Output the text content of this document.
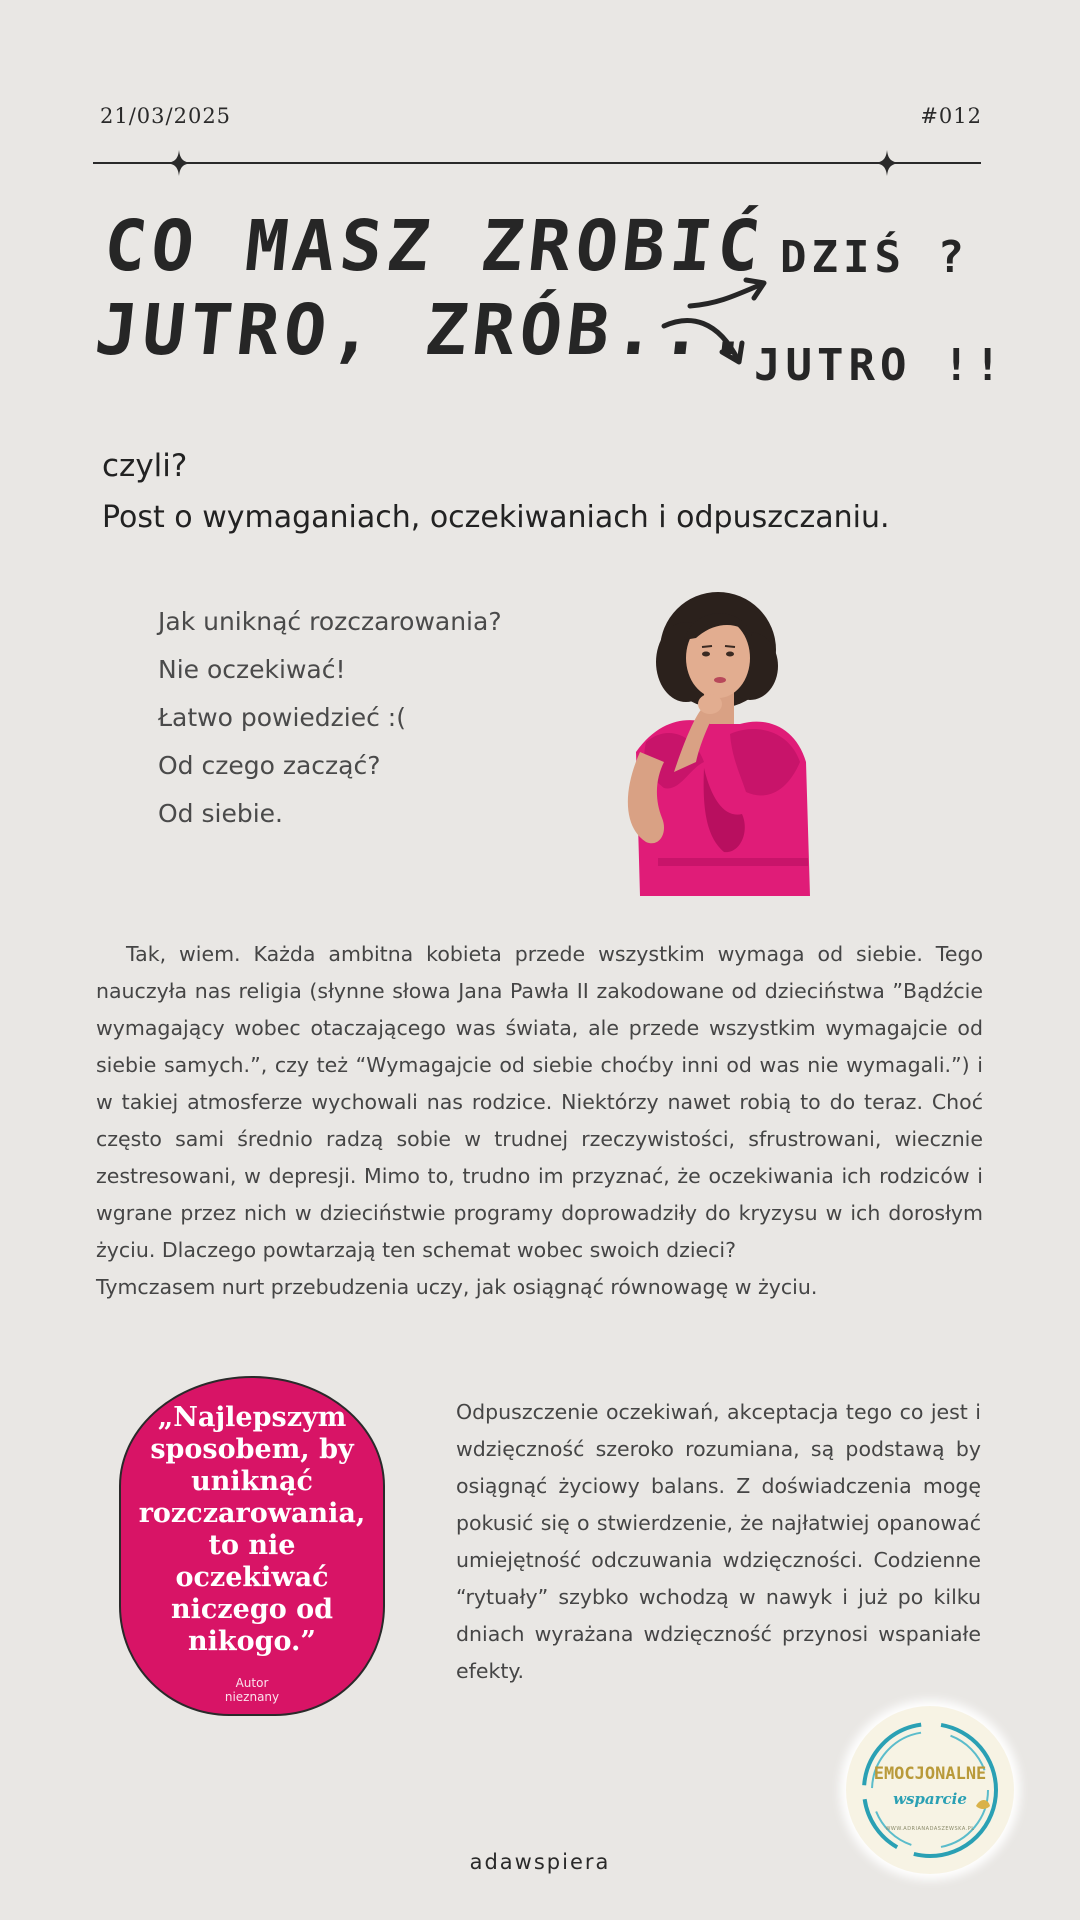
21/03/2025	#012
CO MASZ ZROBIĆ
JUTRO, ZRÓB...
DZIŚ ?
JUTRO !!
czyli?
Post o wymaganiach, oczekiwaniach i odpuszczaniu.
Jak uniknąć rozczarowania?
Nie oczekiwać!
Łatwo powiedzieć :(
Od czego zacząć?
Od siebie.

Tak, wiem. Każda ambitna kobieta przede wszystkim wymaga od siebie. Tego nauczyła nas religia (słynne słowa Jana Pawła II zakodowane od dzieciństwa ”Bądźcie wymagający wobec otaczającego was świata, ale przede wszystkim wymagajcie od siebie samych.”, czy też “Wymagajcie od siebie choćby inni od was nie wymagali.”) i w takiej atmosferze wychowali nas rodzice. Niektórzy nawet robią to do teraz. Choć często sami średnio radzą sobie w trudnej rzeczywistości, sfrustrowani, wiecznie zestresowani, w depresji. Mimo to, trudno im przyznać, że oczekiwania ich rodziców i wgrane przez nich w dzieciństwie programy doprowadziły do kryzysu w ich dorosłym życiu. Dlaczego powtarzają ten schemat wobec swoich dzieci?

Tymczasem nurt przebudzenia uczy, jak osiągnąć równowagę w życiu.

„Najlepszym sposobem, by uniknąć rozczarowania, to nie oczekiwać niczego od nikogo.”
Autor
nieznany
Odpuszczenie oczekiwań, akceptacja tego co jest i wdzięczność szeroko rozumiana, są podstawą by osiągnąć życiowy balans. Z doświadczenia mogę pokusić się o stwierdzenie, że najłatwiej opanować umiejętność odczuwania wdzięczności. Codzienne “rytuały” szybko wchodzą w nawyk i już po kilku dniach wyrażana wdzięczność przynosi wspaniałe efekty.
EMOCJONALNE
wsparcie
WWW.ADRIANADASZEWSKA.PL
adawspiera
